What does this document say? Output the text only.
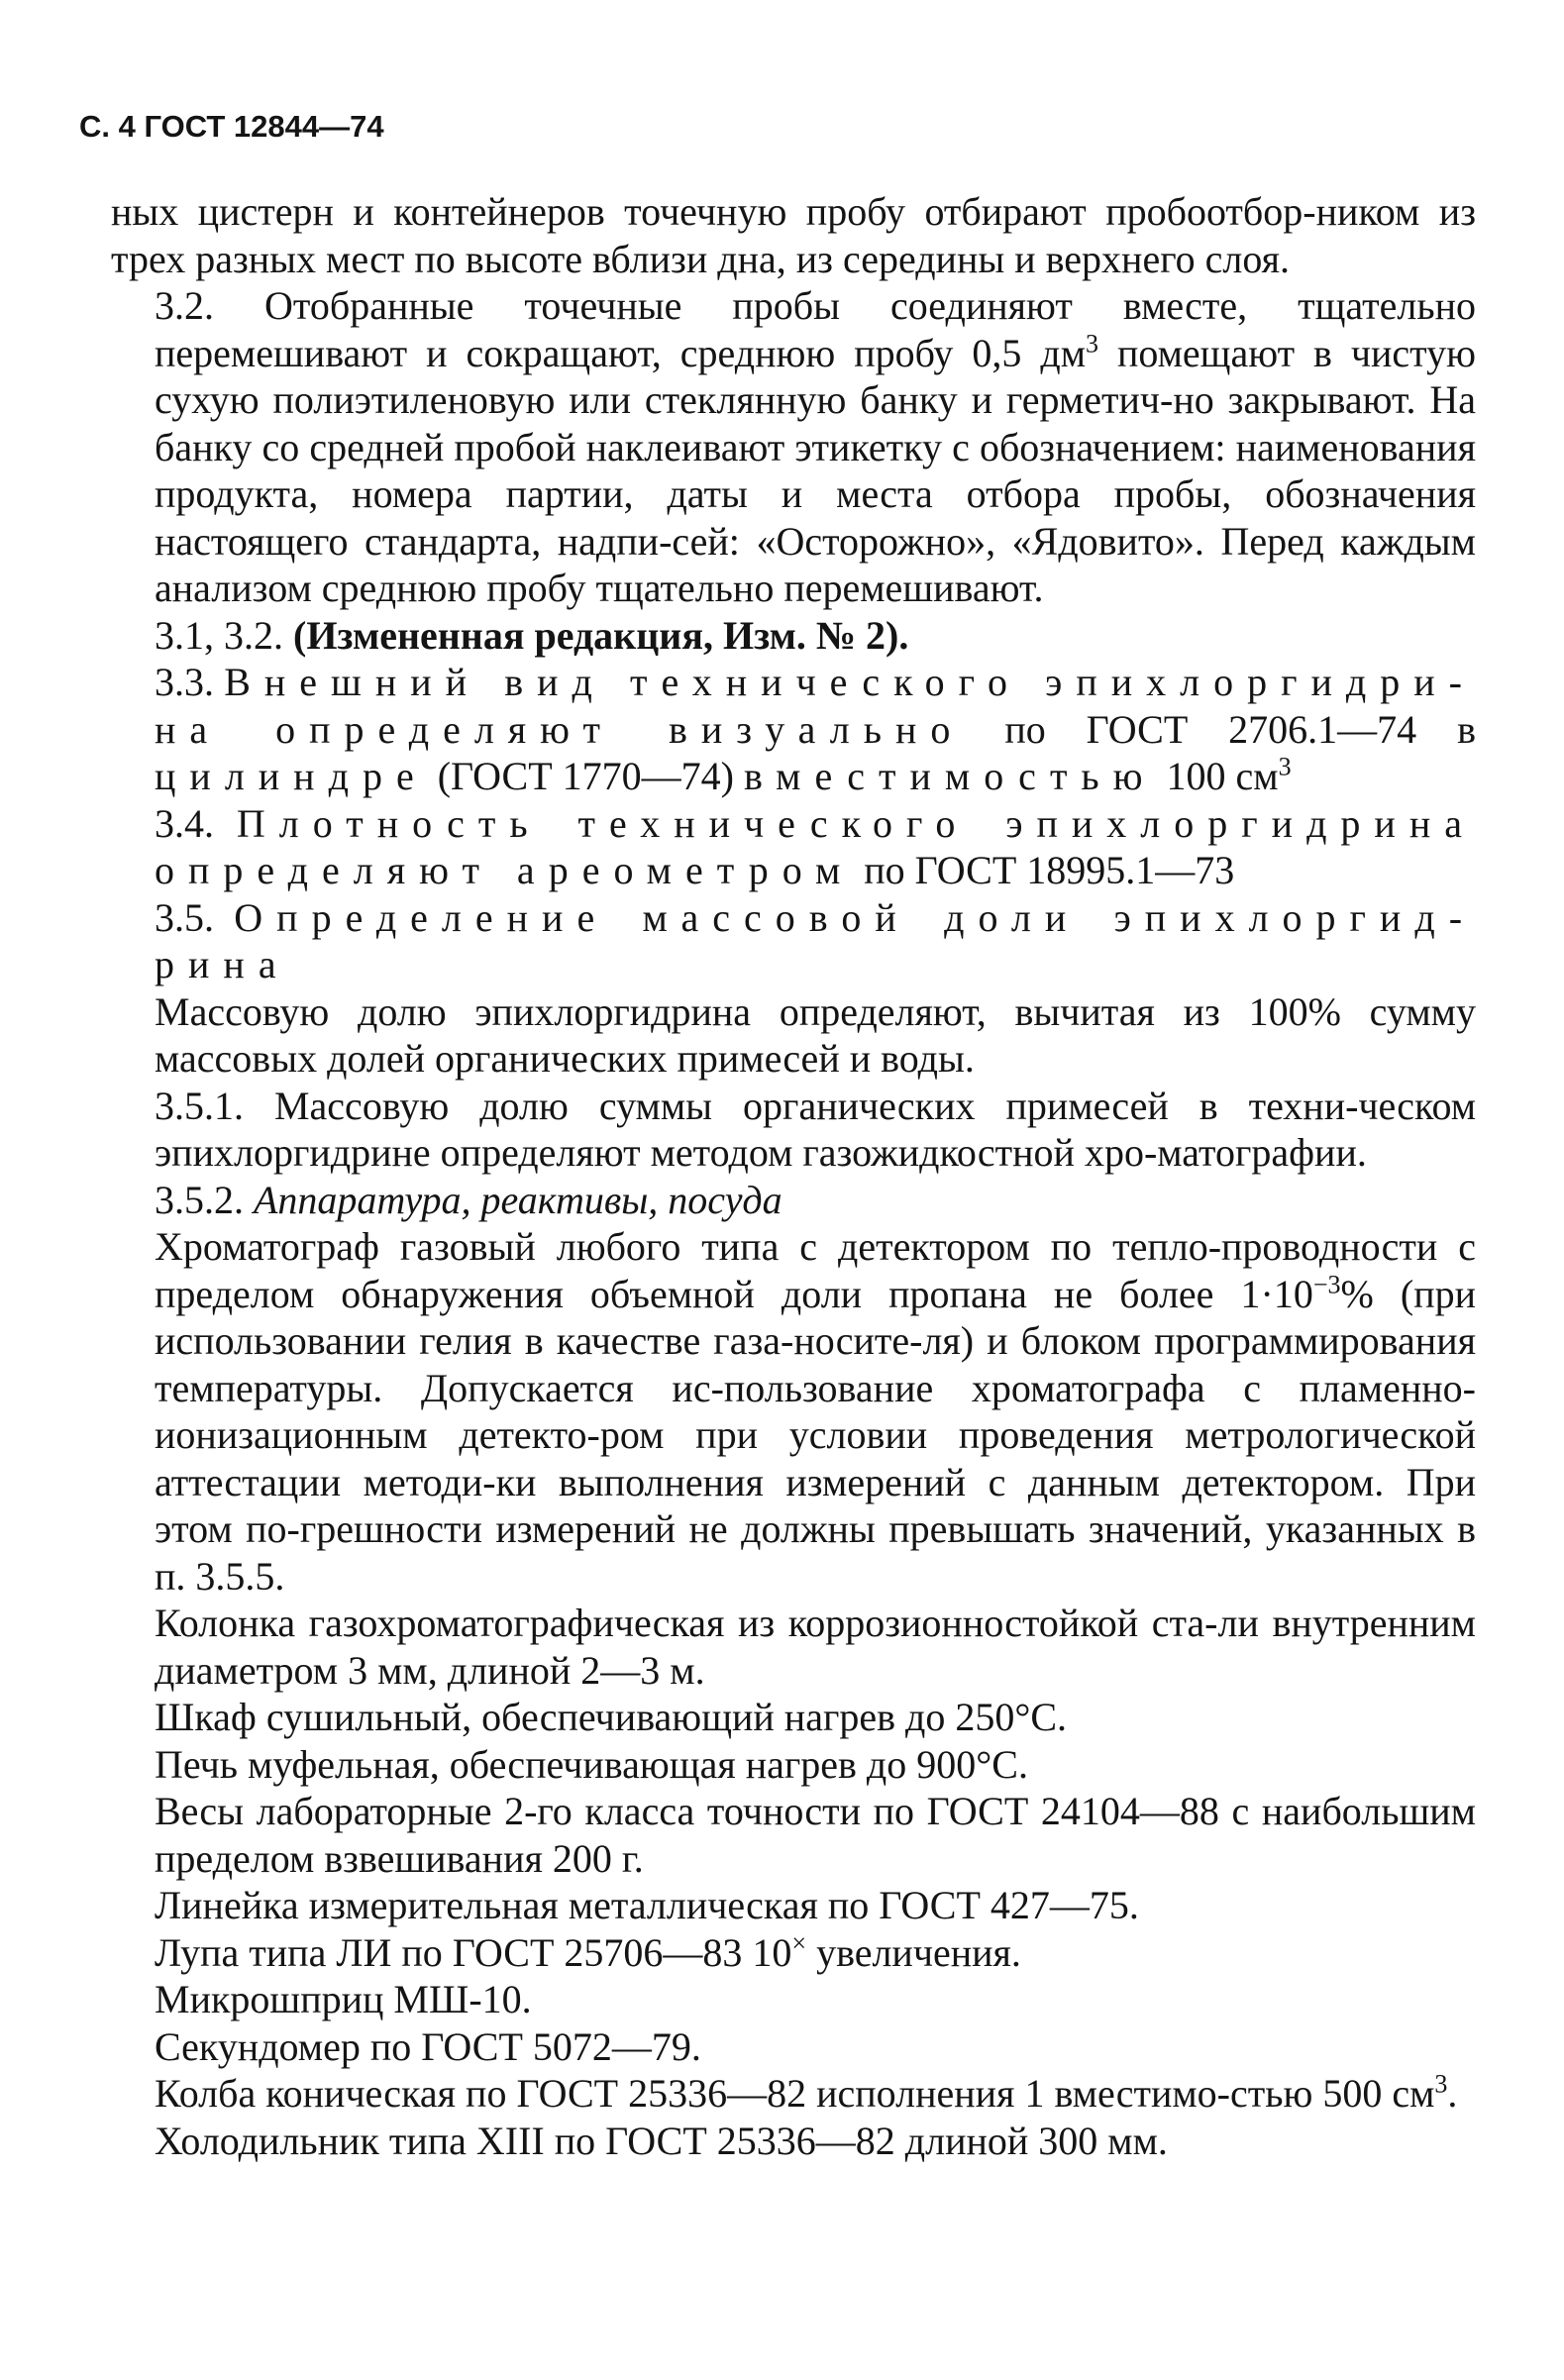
С. 4 ГОСТ 12844—74

ных цистерн и контейнеров точечную пробу отбирают пробоотбор-ником из трех разных мест по высоте вблизи дна, из середины и верхнего слоя.

3.2. Отобранные точечные пробы соединяют вместе, тщательно перемешивают и сокращают, среднюю пробу 0,5 $дм^3$ помещают в чистую сухую полиэтиленовую или стеклянную банку и герметич-но закрывают. На банку со средней пробой наклеивают этикетку с обозначением: наименования продукта, номера партии, даты и места отбора пробы, обозначения настоящего стандарта, надпи-сей: «Осторожно», «Ядовито». Перед каждым анализом среднюю пробу тщательно перемешивают.

3.1, 3.2. (Измененная редакция, Изм. № 2).

3.3. Внешний вид технического эпихлоргидри-на определяют визуально по ГОСТ 2706.1—74 в цилиндре (ГОСТ 1770—74) вместимостью 100 $см^3$

3.4. Плотность технического эпихлоргидрина определяют ареометром по ГОСТ 18995.1—73

3.5. Определение массовой доли эпихлоргид-рина

Массовую долю эпихлоргидрина определяют, вычитая из 100% сумму массовых долей органических примесей и воды.

3.5.1. Массовую долю суммы органических примесей в техни-ческом эпихлоргидрине определяют методом газожидкостной хро-матографии.

3.5.2. Аппаратура, реактивы, посуда

Хроматограф газовый любого типа с детектором по тепло-проводности с пределом обнаружения объемной доли пропана не более $1\cdot 10^{-3}\%$ (при использовании гелия в качестве газа-носите-ля) и блоком программирования температуры. Допускается ис-пользование хроматографа с пламенно-ионизационным детекто-ром при условии проведения метрологической аттестации методи-ки выполнения измерений с данным детектором. При этом по-грешности измерений не должны превышать значений, указанных в п. 3.5.5.

Колонка газохроматографическая из коррозионностойкой ста-ли внутренним диаметром 3 мм, длиной 2—3 м.

Шкаф сушильный, обеспечивающий нагрев до 250°С.

Печь муфельная, обеспечивающая нагрев до 900°С.

Весы лабораторные 2-го класса точности по ГОСТ 24104—88 с наибольшим пределом взвешивания 200 г.

Линейка измерительная металлическая по ГОСТ 427—75.

Лупа типа ЛИ по ГОСТ 25706—83 10× увеличения.

Микрошприц МШ-10.

Секундомер по ГОСТ 5072—79.

Колба коническая по ГОСТ 25336—82 исполнения 1 вместимо-стью 500 $см^3$.

Холодильник типа XIII по ГОСТ 25336—82 длиной 300 мм.
